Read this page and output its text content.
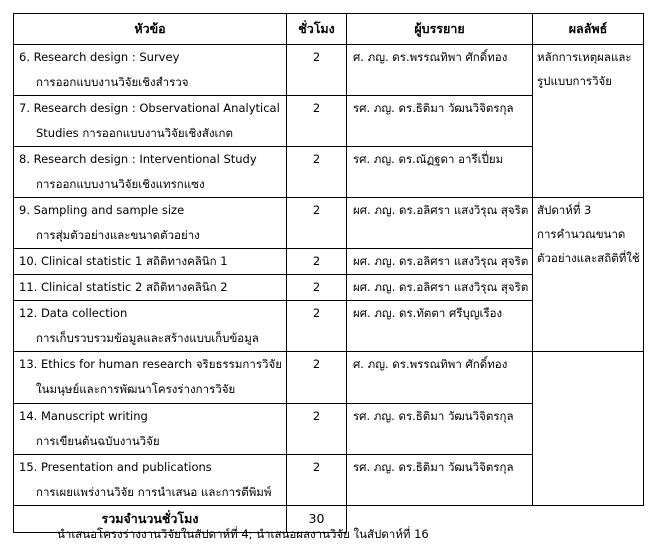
หัวข้อ	ชั่วโมง	ผู้บรรยาย	ผลลัพธ์

6. Research design : Survey
การออกแบบงานวิจัยเชิงสำรวจ	2	ศ. ภญ. ดร.พรรณทิพา ศักดิ์ทอง	หลักการเหตุผลและ
รูปแบบการวิจัย

7. Research design : Observational Analytical
Studies การออกแบบงานวิจัยเชิงสังเกต	2	รศ. ภญ. ดร.ธิติมา วัฒนวิจิตรกุล	

8. Research design : Interventional Study
การออกแบบงานวิจัยเชิงแทรกแซง	2	รศ. ภญ. ดร.ณัฏฐดา อารีเปี่ยม	

9. Sampling and sample size
การสุ่มตัวอย่างและขนาดตัวอย่าง	2	ผศ. ภญ. ดร.อลิศรา แสงวิรุณ สุจริต	สัปดาห์ที่ 3
การคำนวณขนาด
ตัวอย่างและสถิติที่ใช้

10. Clinical statistic 1 สถิติทางคลินิก 1	2	ผศ. ภญ. ดร.อลิศรา แสงวิรุณ สุจริต	

11. Clinical statistic 2 สถิติทางคลินิก 2	2	ผศ. ภญ. ดร.อลิศรา แสงวิรุณ สุจริต	

12. Data collection
การเก็บรวบรวมข้อมูลและสร้างแบบเก็บข้อมูล	2	ผศ. ภญ. ดร.ทัตตา ศรีบุญเรือง	

13. Ethics for human research จริยธรรมการวิจัย
ในมนุษย์และการพัฒนาโครงร่างการวิจัย	2	ศ. ภญ. ดร.พรรณทิพา ศักดิ์ทอง	

14. Manuscript writing
การเขียนต้นฉบับงานวิจัย	2	รศ. ภญ. ดร.ธิติมา วัฒนวิจิตรกุล	

15. Presentation and publications
การเผยแพร่งานวิจัย การนำเสนอ และการตีพิมพ์	2	รศ. ภญ. ดร.ธิติมา วัฒนวิจิตรกุล	
รวมจำนวนชั่วโมง	30		
นำเสนอโครงร่างงานวิจัยในสัปดาห์ที่ 4; นำเสนอผลงานวิจัย ในสัปดาห์ที่ 16
